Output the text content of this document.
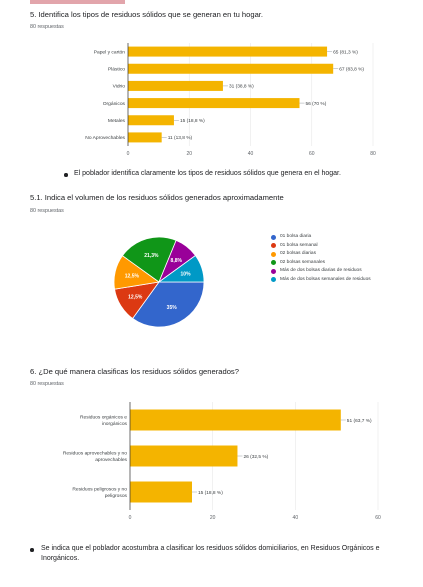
5. Identifica los tipos de residuos sólidos que se generan en tu hogar.
80 respuestas
0	20	40	60	80
65 (81,3 %)
Papel y cartón
67 (83,8 %)
Plástico
31 (38,8 %)
Vidrio
56 (70 %)
Orgánicos
15 (18,8 %)
Metales
11 (13,8 %)
No Aprovechables
El poblador identifica claramente los tipos de residuos sólidos que genera en el hogar.
5.1. Indica el volumen de los residuos sólidos generados aproximadamente
80 respuestas
35%
12,5%
12,5%
21,3%
8,8%
10%
01 bolsa diaria
01 bolsa semanal
02 bolsas diarias
02 bolsas semanales
Más de dos bolsas diarias de residuos
Más de dos bolsas semanales de residuos
6. ¿De qué manera clasificas los residuos sólidos generados?
80 respuestas
0	20	40	60
51 (63,7 %)
Residuos orgánicos e
inorgánicos
26 (32,5 %)
Residuos aprovechables y no
aprovechables
15 (18,8 %)
Residuos peligrosos y no
peligrosos
Se indica que el poblador acostumbra a clasificar los residuos sólidos domiciliarios, en Residuos Orgánicos e Inorgánicos.
